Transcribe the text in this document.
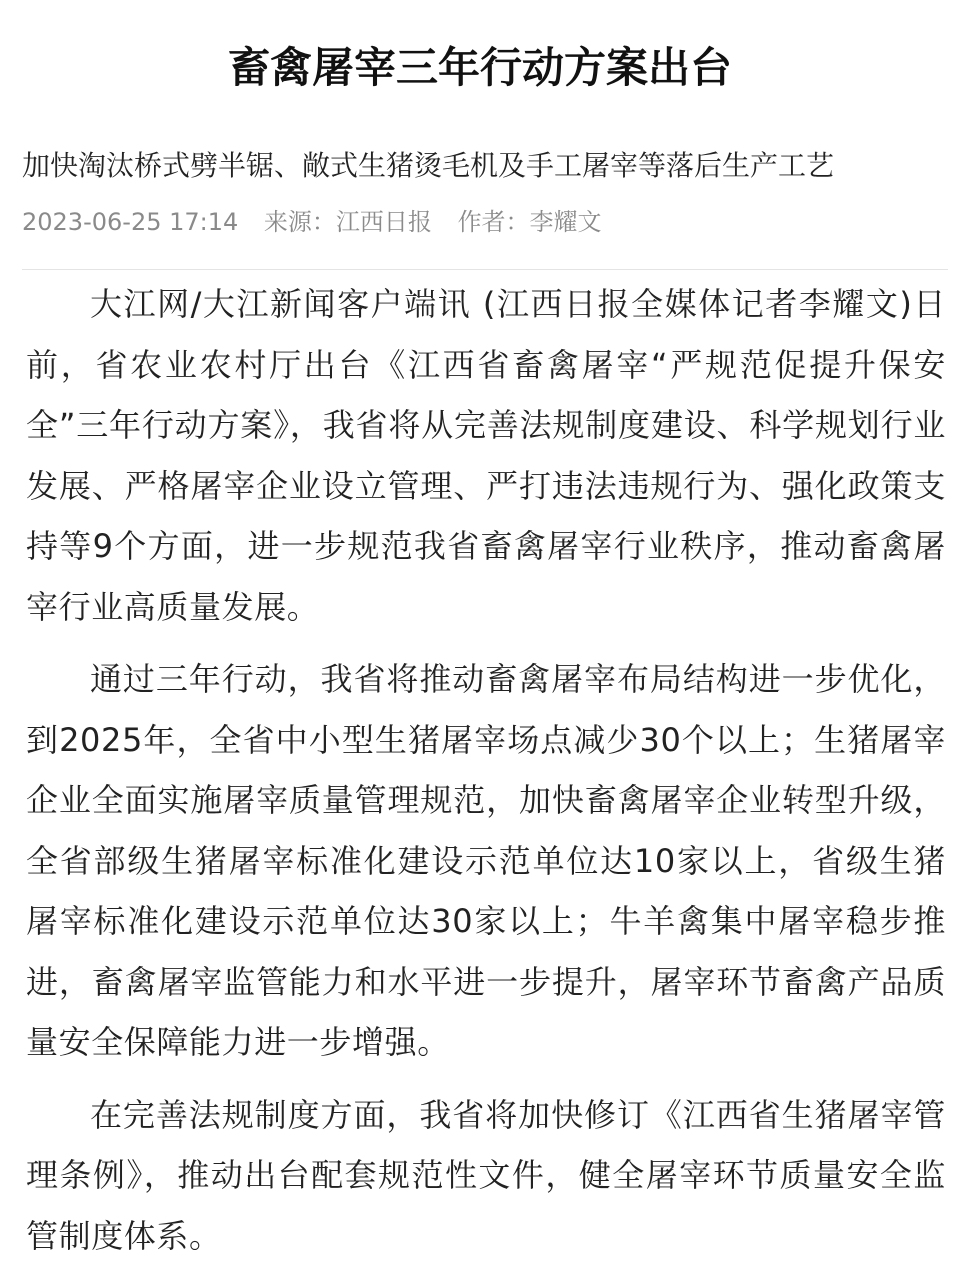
畜禽屠宰三年行动方案出台
加快淘汰桥式劈半锯、敞式生猪烫毛机及手工屠宰等落后生产工艺
2023-06-25 17:14 来源：江西日报 作者：李耀文

大江网/大江新闻客户端讯 (江西日报全媒体记者李耀文)日前，省农业农村厅出台《江西省畜禽屠宰“严规范促提升保安全”三年行动方案》，我省将从完善法规制度建设、科学规划行业发展、严格屠宰企业设立管理、严打违法违规行为、强化政策支持等9个方面，进一步规范我省畜禽屠宰行业秩序，推动畜禽屠宰行业高质量发展。

通过三年行动，我省将推动畜禽屠宰布局结构进一步优化，到2025年，全省中小型生猪屠宰场点减少30个以上；生猪屠宰企业全面实施屠宰质量管理规范，加快畜禽屠宰企业转型升级，全省部级生猪屠宰标准化建设示范单位达10家以上，省级生猪屠宰标准化建设示范单位达30家以上；牛羊禽集中屠宰稳步推进，畜禽屠宰监管能力和水平进一步提升，屠宰环节畜禽产品质量安全保障能力进一步增强。

在完善法规制度方面，我省将加快修订《江西省生猪屠宰管理条例》，推动出台配套规范性文件，健全屠宰环节质量安全监管制度体系。
